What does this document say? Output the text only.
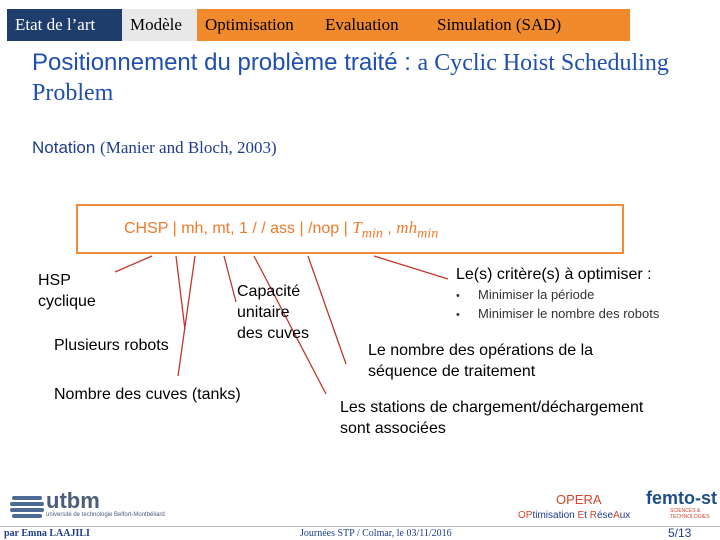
Etat de l’art	Modèle	Optimisation	Evaluation	Simulation (SAD)
Positionnement du problème traité : a Cyclic Hoist Scheduling Problem
Notation (Manier and Bloch, 2003)
CHSP | mh, mt, 1 / / ass | /nop | $T_{min}$ , $mh_{min}$
HSP
cyclique
Plusieurs robots
Nombre des cuves (tanks)
Capacité
unitaire
des cuves
Le(s) critère(s) à optimiser :
• Minimiser la période
• Minimiser le nombre des robots
Le nombre des opérations de la
séquence de traitement
Les stations de chargement/déchargement
sont associées
utbm
université de technologie Belfort-Montbéliard
OPERA
OPtimisation Et RéseAux
femto-st
SCIENCES & TECHNOLOGIES
par Emna LAAJILI	Journées STP / Colmar, le 03/11/2016	5/13
